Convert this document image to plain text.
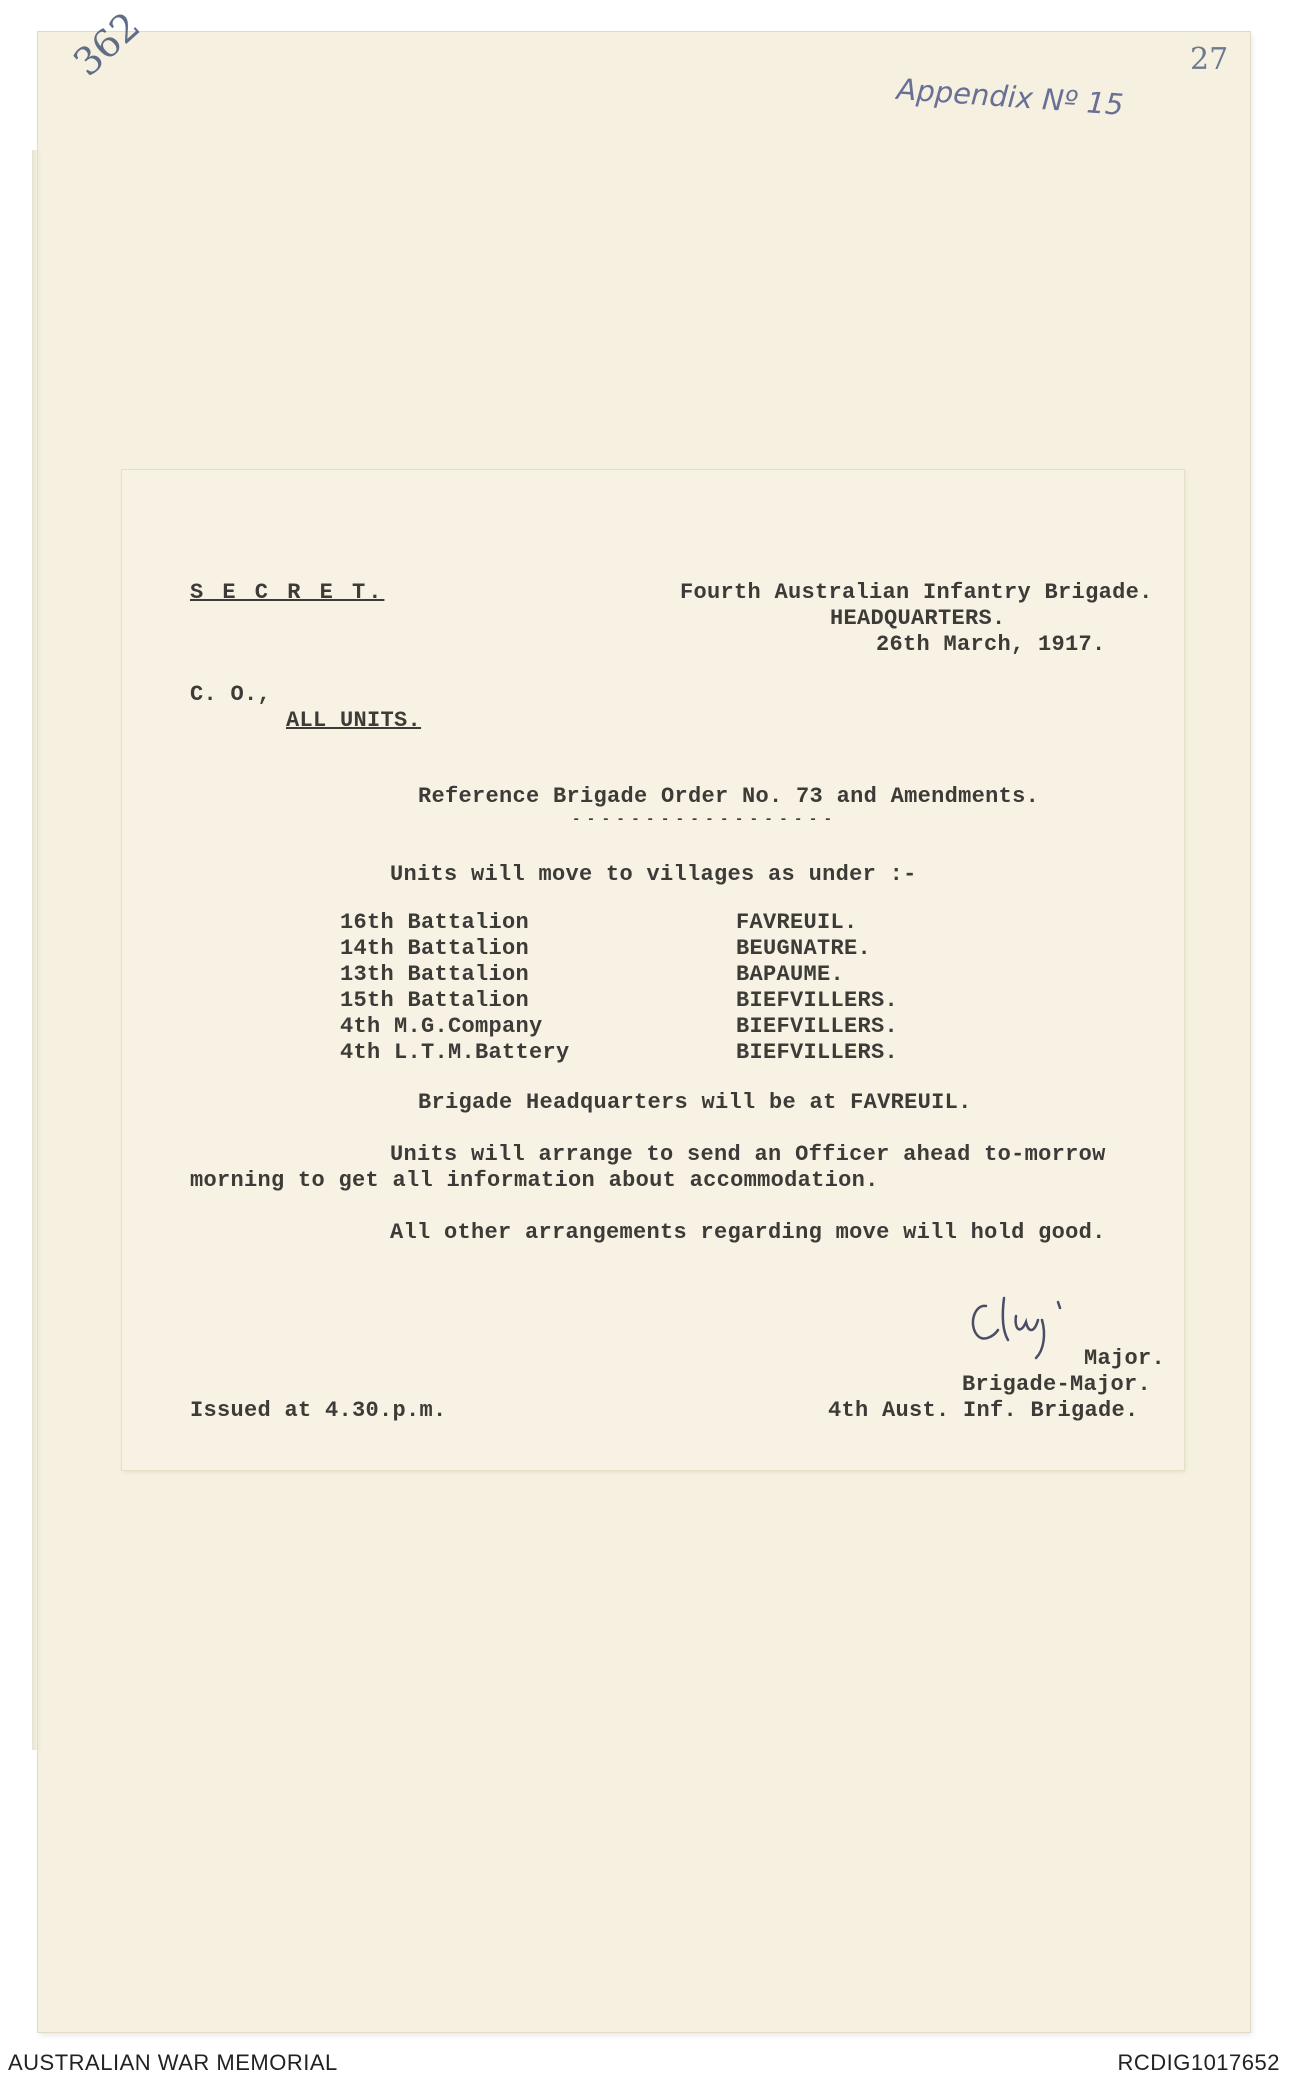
362	27
Appendix Nº 15
S E C R E T.	Fourth Australian Infantry Brigade.
HEADQUARTERS.
26th March, 1917.
C. O.,
ALL UNITS.
Reference Brigade Order No. 73 and Amendments.
- - - - - - - - - - - - - - - - - -
Units will move to villages as under :-
16th Battalion	FAVREUIL.
14th Battalion	BEUGNATRE.
13th Battalion	BAPAUME.
15th Battalion	BIEFVILLERS.
4th M.G.Company	BIEFVILLERS.
4th L.T.M.Battery	BIEFVILLERS.
Brigade Headquarters will be at FAVREUIL.
Units will arrange to send an Officer ahead to-morrow
morning to get all information about accommodation.
All other arrangements regarding move will hold good.
Major.
Brigade-Major.
Issued at 4.30.p.m.	4th Aust. Inf. Brigade.
AUSTRALIAN WAR MEMORIAL	RCDIG1017652
